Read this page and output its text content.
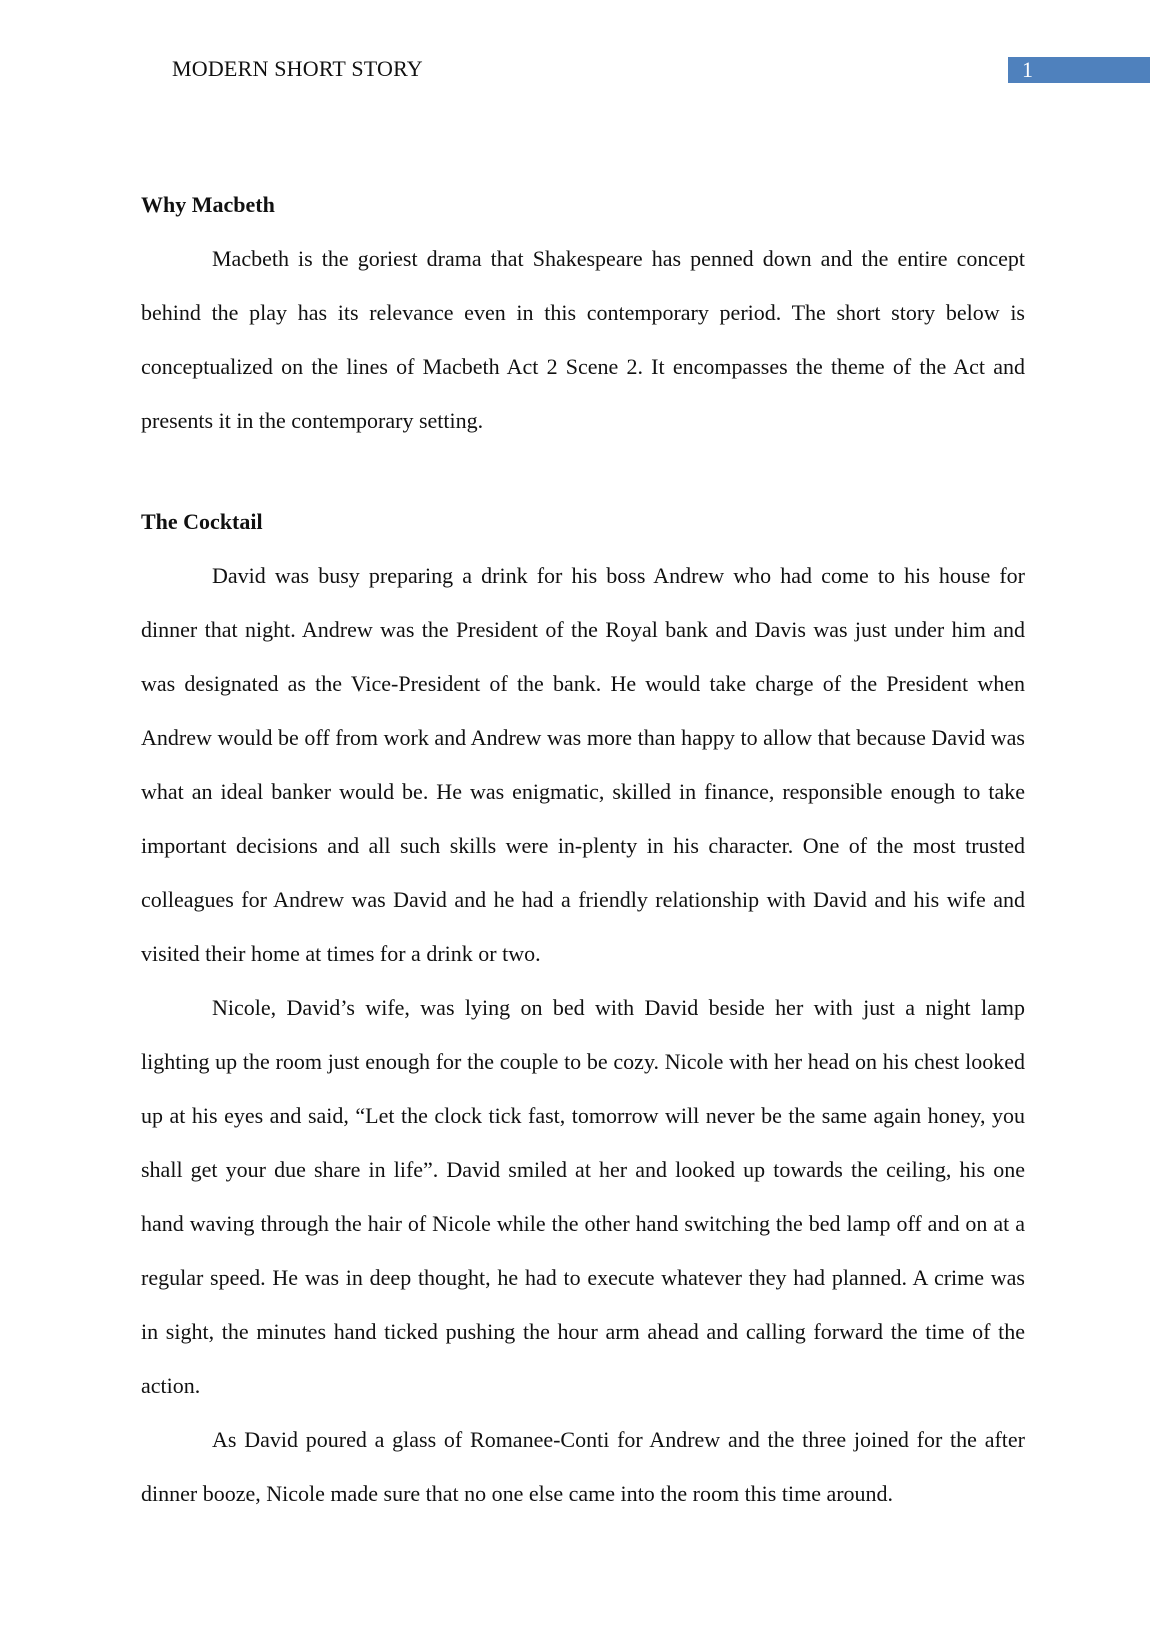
MODERN SHORT STORY	1
Why Macbeth

Macbeth is the goriest drama that Shakespeare has penned down and the entire concept behind the play has its relevance even in this contemporary period. The short story below is conceptualized on the lines of Macbeth Act 2 Scene 2. It encompasses the theme of the Act and presents it in the contemporary setting.

The Cocktail

David was busy preparing a drink for his boss Andrew who had come to his house for dinner that night. Andrew was the President of the Royal bank and Davis was just under him and was designated as the Vice-President of the bank. He would take charge of the President when Andrew would be off from work and Andrew was more than happy to allow that because David was what an ideal banker would be. He was enigmatic, skilled in finance, responsible enough to take important decisions and all such skills were in-plenty in his character. One of the most trusted colleagues for Andrew was David and he had a friendly relationship with David and his wife and visited their home at times for a drink or two.

Nicole, David’s wife, was lying on bed with David beside her with just a night lamp lighting up the room just enough for the couple to be cozy. Nicole with her head on his chest looked up at his eyes and said, “Let the clock tick fast, tomorrow will never be the same again honey, you shall get your due share in life”. David smiled at her and looked up towards the ceiling, his one hand waving through the hair of Nicole while the other hand switching the bed lamp off and on at a regular speed. He was in deep thought, he had to execute whatever they had planned. A crime was in sight, the minutes hand ticked pushing the hour arm ahead and calling forward the time of the action.

As David poured a glass of Romanee-Conti for Andrew and the three joined for the after dinner booze, Nicole made sure that no one else came into the room this time around.
